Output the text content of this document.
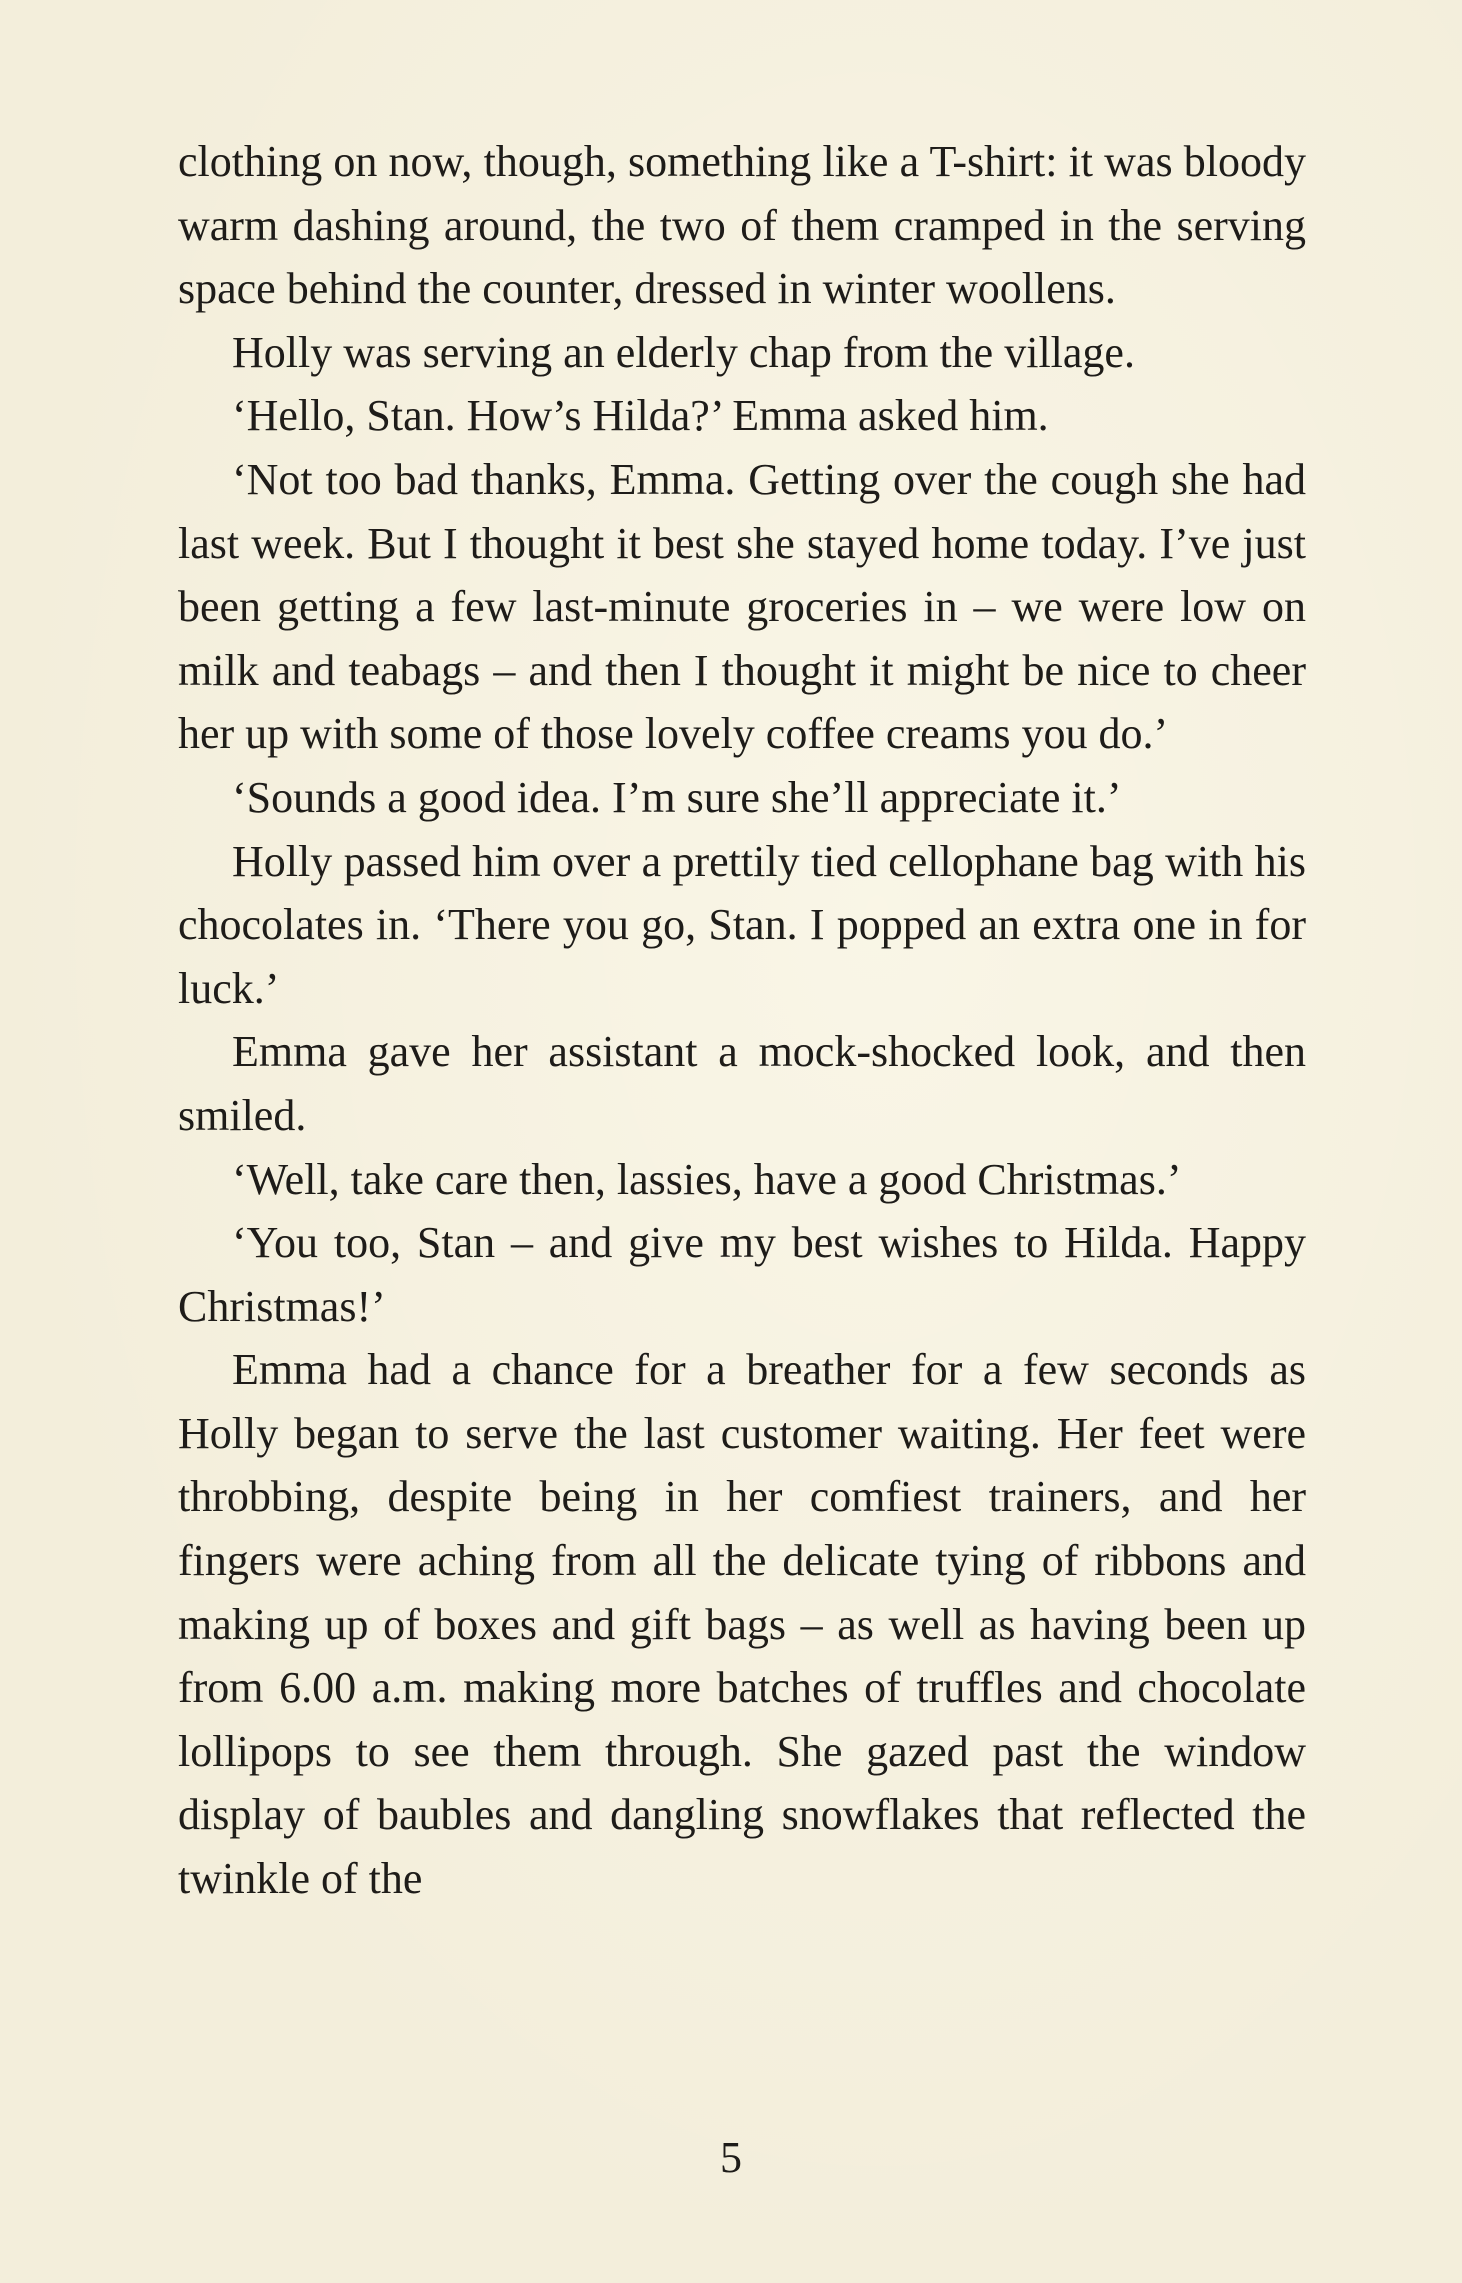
clothing on now, though, something like a T-shirt: it was bloody warm dashing around, the two of them cramped in the serving space behind the counter, dressed in winter woollens.

Holly was serving an elderly chap from the village.

‘Hello, Stan. How’s Hilda?’ Emma asked him.

‘Not too bad thanks, Emma. Getting over the cough she had last week. But I thought it best she stayed home today. I’ve just been getting a few last-minute groceries in – we were low on milk and teabags – and then I thought it might be nice to cheer her up with some of those lovely coffee creams you do.’

‘Sounds a good idea. I’m sure she’ll appreciate it.’

Holly passed him over a prettily tied cellophane bag with his chocolates in. ‘There you go, Stan. I popped an extra one in for luck.’

Emma gave her assistant a mock-shocked look, and then smiled.

‘Well, take care then, lassies, have a good Christmas.’

‘You too, Stan – and give my best wishes to Hilda. Happy Christmas!’

Emma had a chance for a breather for a few seconds as Holly began to serve the last customer waiting. Her feet were throbbing, despite being in her comfiest trainers, and her fingers were aching from all the delicate tying of ribbons and making up of boxes and gift bags – as well as having been up from 6.00 a.m. making more batches of truffles and chocolate lollipops to see them through. She gazed past the window display of baubles and dangling snowflakes that reflected the twinkle of the

5
